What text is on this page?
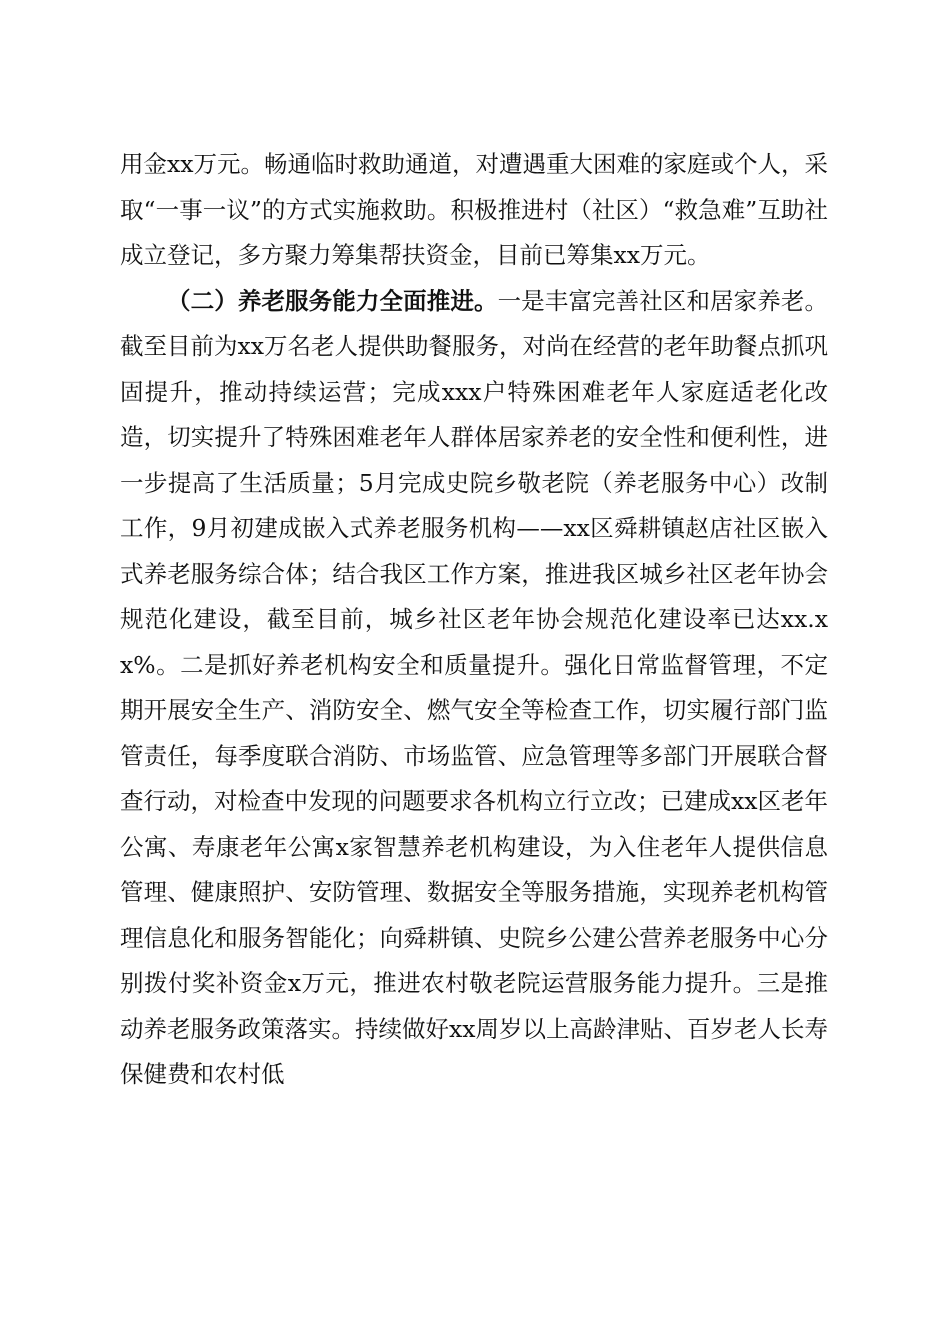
用金xx万元。畅通临时救助通道，对遭遇重大困难的家庭或个人，采取“一事一议”的方式实施救助。积极推进村（社区）“救急难”互助社成立登记，多方聚力筹集帮扶资金，目前已筹集xx万元。

（二）养老服务能力全面推进。一是丰富完善社区和居家养老。截至目前为xx万名老人提供助餐服务，对尚在经营的老年助餐点抓巩固提升，推动持续运营；完成xxx户特殊困难老年人家庭适老化改造，切实提升了特殊困难老年人群体居家养老的安全性和便利性，进一步提高了生活质量；5月完成史院乡敬老院（养老服务中心）改制工作，9月初建成嵌入式养老服务机构——xx区舜耕镇赵店社区嵌入式养老服务综合体；结合我区工作方案，推进我区城乡社区老年协会规范化建设，截至目前，城乡社区老年协会规范化建设率已达xx.xx%。二是抓好养老机构安全和质量提升。强化日常监督管理，不定期开展安全生产、消防安全、燃气安全等检查工作，切实履行部门监管责任，每季度联合消防、市场监管、应急管理等多部门开展联合督查行动，对检查中发现的问题要求各机构立行立改；已建成xx区老年公寓、寿康老年公寓x家智慧养老机构建设，为入住老年人提供信息管理、健康照护、安防管理、数据安全等服务措施，实现养老机构管理信息化和服务智能化；向舜耕镇、史院乡公建公营养老服务中心分别拨付奖补资金x万元，推进农村敬老院运营服务能力提升。三是推动养老服务政策落实。持续做好xx周岁以上高龄津贴、百岁老人长寿保健费和农村低
